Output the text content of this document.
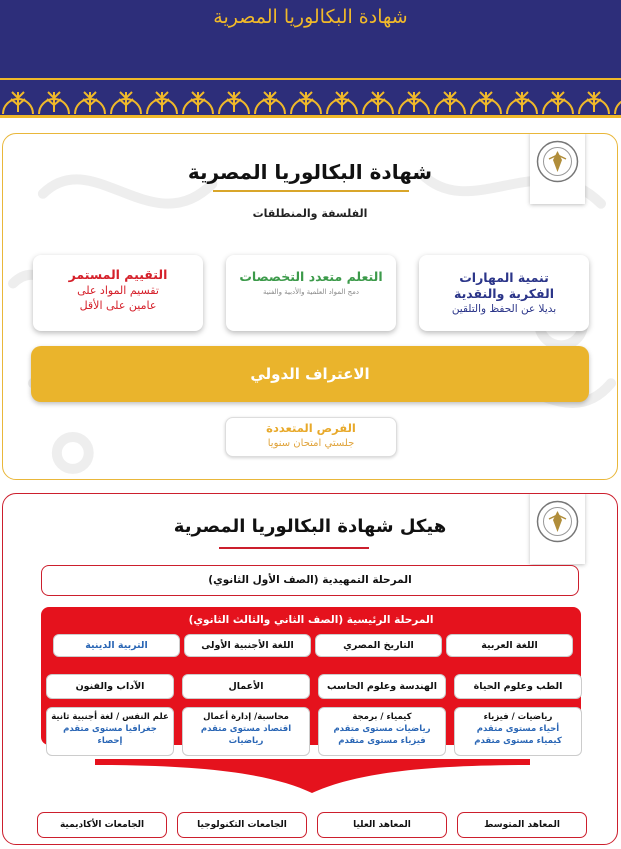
شهادة البكالوريا المصرية
شهادة البكالوريا المصرية
الفلسفة والمنطلقات
تنمية المهارات
الفكرية والنقدية
بديلا عن الحفظ والتلقين
التعلم متعدد التخصصات
دمج المواد العلمية والأدبية والفنية
التقييم المستمر
تقسيم المواد على
عامين على الأقل
الاعتراف الدولي
الفرص المتعددة
جلستي امتحان سنويا
هيكل شهادة البكالوريا المصرية
المرحلة التمهيدية (الصف الأول الثانوي)
المرحلة الرئيسية (الصف الثاني والثالث الثانوي)
اللغة العربية
التاريخ المصري
اللغة الأجنبية الأولى
التربية الدينية
الطب وعلوم الحياة
الهندسة وعلوم الحاسب
الأعمال
الآداب والفنون
رياضيات / فيزياء
أحياء مستوى متقدم
كيمياء مستوى متقدم
كيمياء / برمجة
رياضيات مستوى متقدم
فيزياء مستوى متقدم
محاسبة/ إدارة أعمال
اقتصاد مستوى متقدم
رياضيات
علم النفس / لغة أجنبية ثانية
جغرافيا مستوى متقدم
إحصاء
المعاهد المتوسط
المعاهد العليا
الجامعات التكنولوجيا
الجامعات الأكاديمية
